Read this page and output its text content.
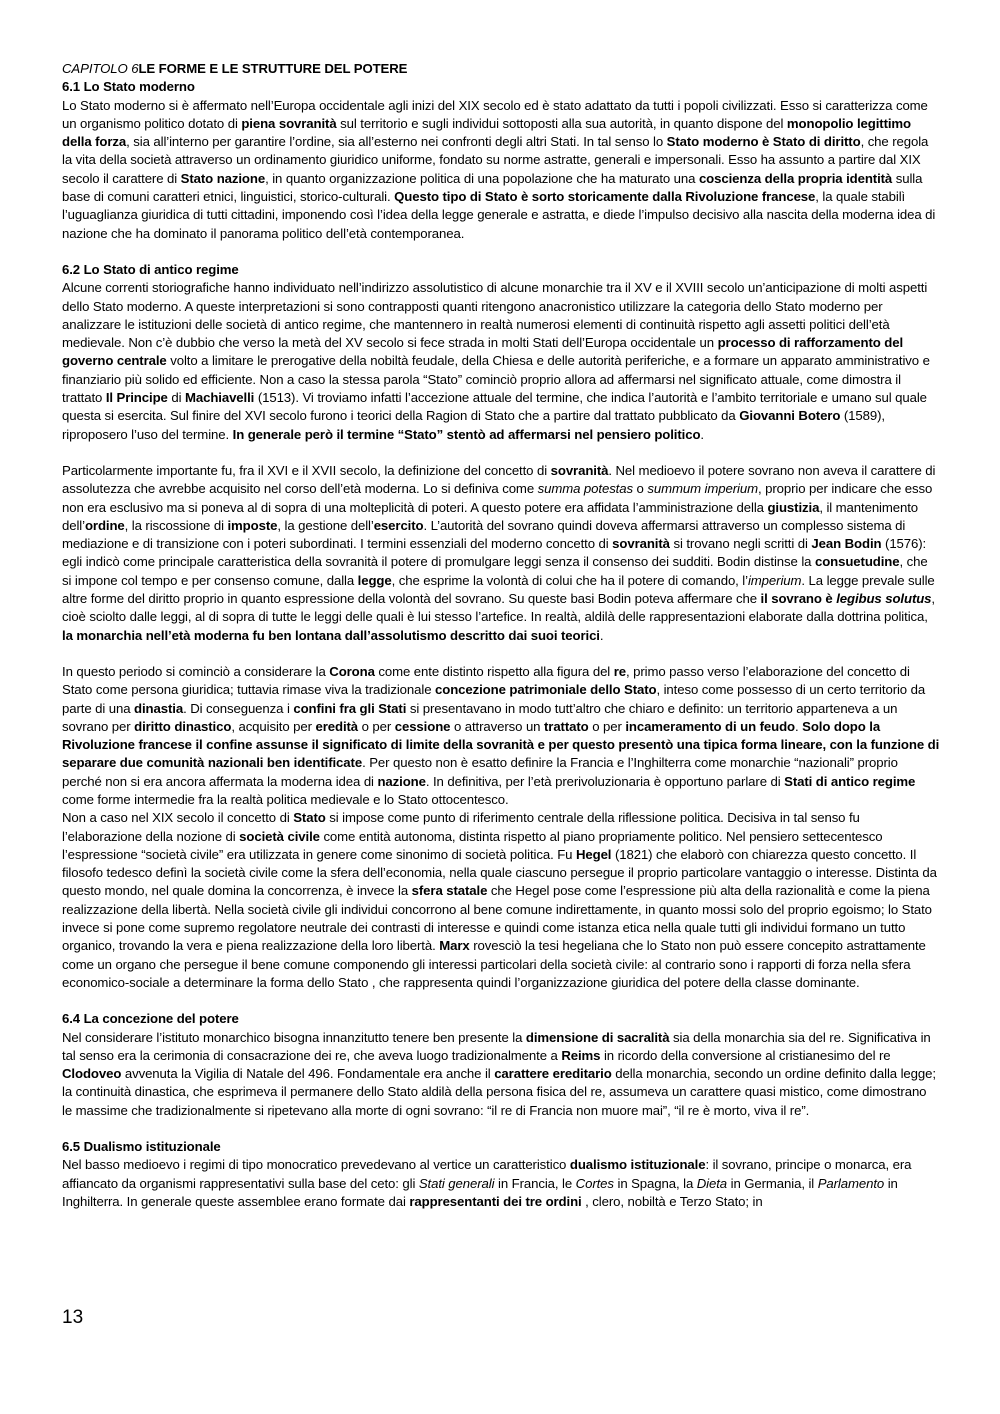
CAPITOLO 6LE FORME E LE STRUTTURE DEL POTERE

6.1 Lo Stato moderno

Lo Stato moderno si è affermato nell’Europa occidentale agli inizi del XIX secolo ed è stato adattato da tutti i popoli civilizzati. Esso si caratterizza come un organismo politico dotato di piena sovranità sul territorio e sugli individui sottoposti alla sua autorità, in quanto dispone del monopolio legittimo della forza, sia all’interno per garantire l’ordine, sia all’esterno nei confronti degli altri Stati. In tal senso lo Stato moderno è Stato di diritto, che regola la vita della società attraverso un ordinamento giuridico uniforme, fondato su norme astratte, generali e impersonali. Esso ha assunto a partire dal XIX secolo il carattere di Stato nazione, in quanto organizzazione politica di una popolazione che ha maturato una coscienza della propria identità sulla base di comuni caratteri etnici, linguistici, storico-culturali. Questo tipo di Stato è sorto storicamente dalla Rivoluzione francese, la quale stabilì l’uguaglianza giuridica di tutti cittadini, imponendo così l’idea della legge generale e astratta, e diede l’impulso decisivo alla nascita della moderna idea di nazione che ha dominato il panorama politico dell’età contemporanea.

6.2 Lo Stato di antico regime

Alcune correnti storiografiche hanno individuato nell’indirizzo assolutistico di alcune monarchie tra il XV e il XVIII secolo un’anticipazione di molti aspetti dello Stato moderno. A queste interpretazioni si sono contrapposti quanti ritengono anacronistico utilizzare la categoria dello Stato moderno per analizzare le istituzioni delle società di antico regime, che mantennero in realtà numerosi elementi di continuità rispetto agli assetti politici dell’età medievale. Non c’è dubbio che verso la metà del XV secolo si fece strada in molti Stati dell’Europa occidentale un processo di rafforzamento del governo centrale volto a limitare le prerogative della nobiltà feudale, della Chiesa e delle autorità periferiche, e a formare un apparato amministrativo e finanziario più solido ed efficiente. Non a caso la stessa parola “Stato” cominciò proprio allora ad affermarsi nel significato attuale, come dimostra il trattato Il Principe di Machiavelli (1513). Vi troviamo infatti l’accezione attuale del termine, che indica l’autorità e l’ambito territoriale e umano sul quale questa si esercita. Sul finire del XVI secolo furono i teorici della Ragion di Stato che a partire dal trattato pubblicato da Giovanni Botero (1589), riproposero l’uso del termine. In generale però il termine “Stato” stentò ad affermarsi nel pensiero politico.

Particolarmente importante fu, fra il XVI e il XVII secolo, la definizione del concetto di sovranità. Nel medioevo il potere sovrano non aveva il carattere di assolutezza che avrebbe acquisito nel corso dell’età moderna. Lo si definiva come summa potestas o summum imperium, proprio per indicare che esso non era esclusivo ma si poneva al di sopra di una molteplicità di poteri. A questo potere era affidata l’amministrazione della giustizia, il mantenimento dell’ordine, la riscossione di imposte, la gestione dell’esercito. L’autorità del sovrano quindi doveva affermarsi attraverso un complesso sistema di mediazione e di transizione con i poteri subordinati. I termini essenziali del moderno concetto di sovranità si trovano negli scritti di Jean Bodin (1576): egli indicò come principale caratteristica della sovranità il potere di promulgare leggi senza il consenso dei sudditi. Bodin distinse la consuetudine, che si impone col tempo e per consenso comune, dalla legge, che esprime la volontà di colui che ha il potere di comando, l’imperium. La legge prevale sulle altre forme del diritto proprio in quanto espressione della volontà del sovrano. Su queste basi Bodin poteva affermare che il sovrano è legibus solutus, cioè sciolto dalle leggi, al di sopra di tutte le leggi delle quali è lui stesso l’artefice. In realtà, aldilà delle rappresentazioni elaborate dalla dottrina politica, la monarchia nell’età moderna fu ben lontana dall’assolutismo descritto dai suoi teorici.

In questo periodo si cominciò a considerare la Corona come ente distinto rispetto alla figura del re, primo passo verso l’elaborazione del concetto di Stato come persona giuridica; tuttavia rimase viva la tradizionale concezione patrimoniale dello Stato, inteso come possesso di un certo territorio da parte di una dinastia. Di conseguenza i confini fra gli Stati si presentavano in modo tutt’altro che chiaro e definito: un territorio apparteneva a un sovrano per diritto dinastico, acquisito per eredità o per cessione o attraverso un trattato o per incameramento di un feudo. Solo dopo la Rivoluzione francese il confine assunse il significato di limite della sovranità e per questo presentò una tipica forma lineare, con la funzione di separare due comunità nazionali ben identificate. Per questo non è esatto definire la Francia e l’Inghilterra come monarchie “nazionali” proprio perché non si era ancora affermata la moderna idea di nazione. In definitiva, per l’età prerivoluzionaria è opportuno parlare di Stati di antico regime come forme intermedie fra la realtà politica medievale e lo Stato ottocentesco.

Non a caso nel XIX secolo il concetto di Stato si impose come punto di riferimento centrale della riflessione politica. Decisiva in tal senso fu l’elaborazione della nozione di società civile come entità autonoma, distinta rispetto al piano propriamente politico. Nel pensiero settecentesco l’espressione “società civile” era utilizzata in genere come sinonimo di società politica. Fu Hegel (1821) che elaborò con chiarezza questo concetto. Il filosofo tedesco definì la società civile come la sfera dell’economia, nella quale ciascuno persegue il proprio particolare vantaggio o interesse. Distinta da questo mondo, nel quale domina la concorrenza, è invece la sfera statale che Hegel pose come l’espressione più alta della razionalità e come la piena realizzazione della libertà. Nella società civile gli individui concorrono al bene comune indirettamente, in quanto mossi solo del proprio egoismo; lo Stato invece si pone come supremo regolatore neutrale dei contrasti di interesse e quindi come istanza etica nella quale tutti gli individui formano un tutto organico, trovando la vera e piena realizzazione della loro libertà. Marx rovesciò la tesi hegeliana che lo Stato non può essere concepito astrattamente come un organo che persegue il bene comune componendo gli interessi particolari della società civile: al contrario sono i rapporti di forza nella sfera economico-sociale a determinare la forma dello Stato , che rappresenta quindi l’organizzazione giuridica del potere della classe dominante.

6.4 La concezione del potere

Nel considerare l’istituto monarchico bisogna innanzitutto tenere ben presente la dimensione di sacralità sia della monarchia sia del re. Significativa in tal senso era la cerimonia di consacrazione dei re, che aveva luogo tradizionalmente a Reims in ricordo della conversione al cristianesimo del re Clodoveo avvenuta la Vigilia di Natale del 496. Fondamentale era anche il carattere ereditario della monarchia, secondo un ordine definito dalla legge; la continuità dinastica, che esprimeva il permanere dello Stato aldilà della persona fisica del re, assumeva un carattere quasi mistico, come dimostrano le massime che tradizionalmente si ripetevano alla morte di ogni sovrano: “il re di Francia non muore mai”, “il re è morto, viva il re”.

6.5 Dualismo istituzionale

Nel basso medioevo i regimi di tipo monocratico prevedevano al vertice un caratteristico dualismo istituzionale: il sovrano, principe o monarca, era affiancato da organismi rappresentativi sulla base del ceto: gli Stati generali in Francia, le Cortes in Spagna, la Dieta in Germania, il Parlamento in Inghilterra. In generale queste assemblee erano formate dai rappresentanti dei tre ordini , clero, nobiltà e Terzo Stato; in

13
